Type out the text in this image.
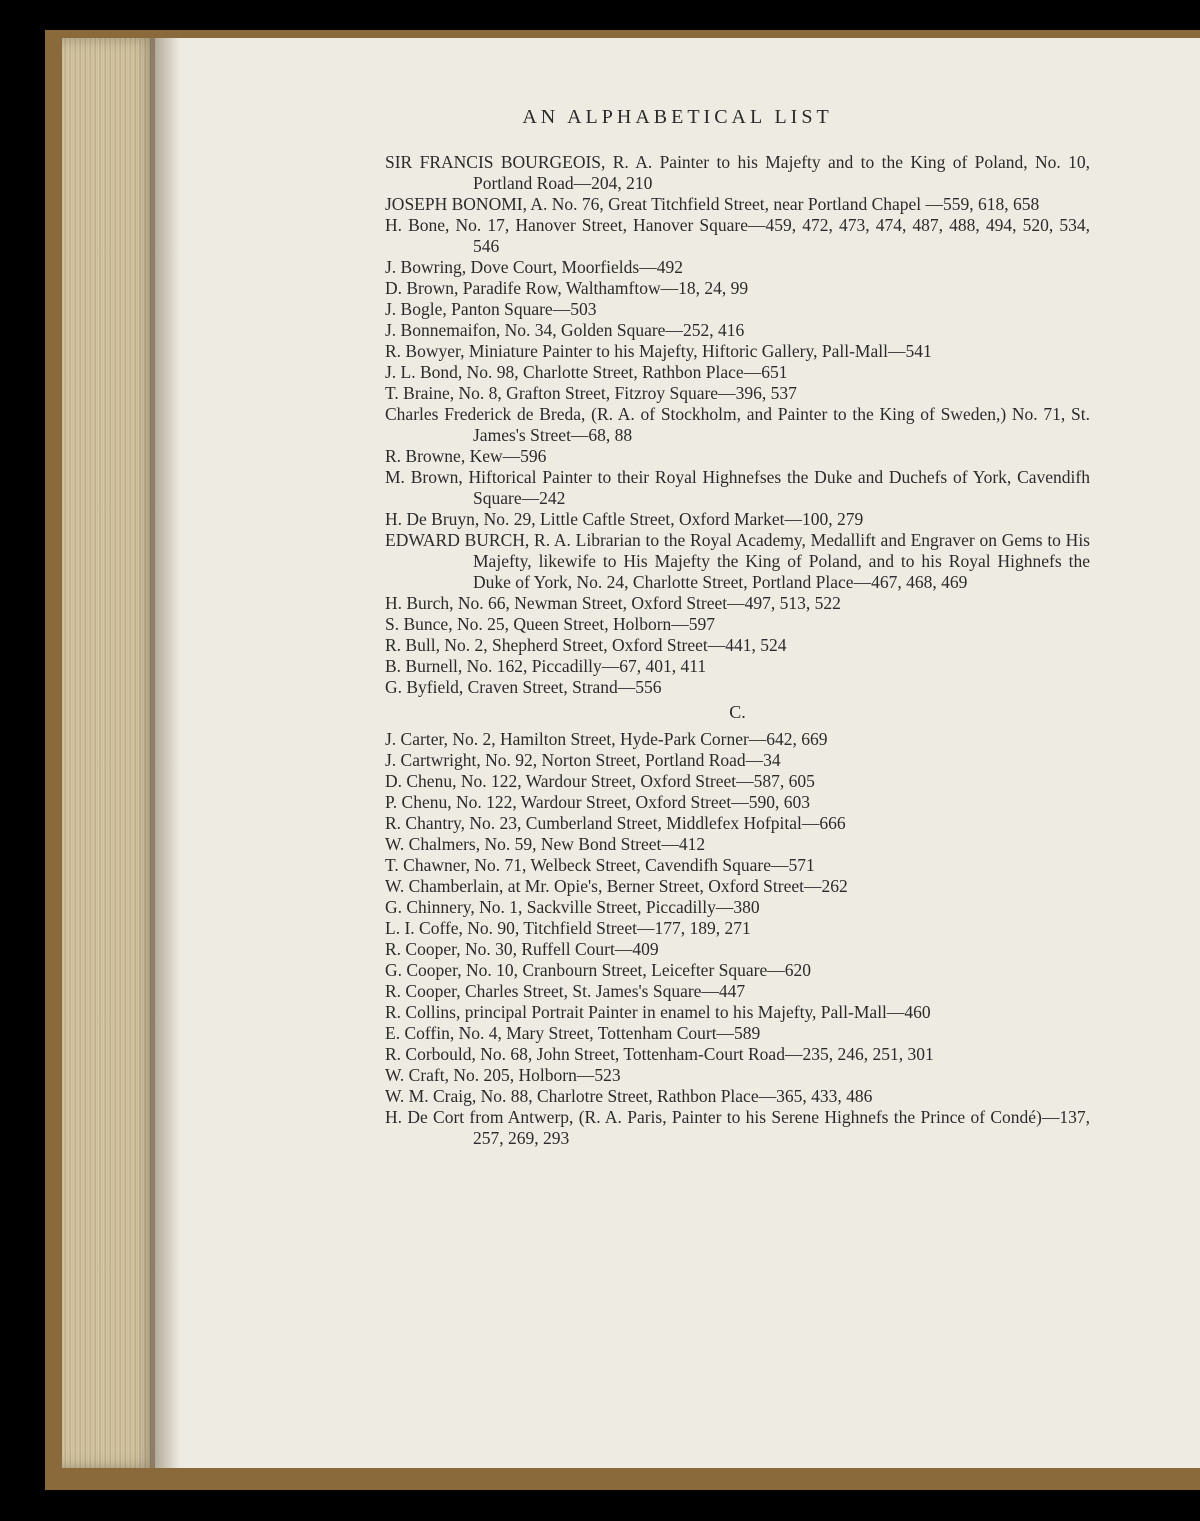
AN ALPHABETICAL LIST
SIR FRANCIS BOURGEOIS, R. A. Painter to his Majefty and to the King of Poland, No. 10, Portland Road—204, 210
JOSEPH BONOMI, A. No. 76, Great Titchfield Street, near Portland Chapel —559, 618, 658
H. Bone, No. 17, Hanover Street, Hanover Square—459, 472, 473, 474, 487, 488, 494, 520, 534, 546
J. Bowring, Dove Court, Moorfields—492
D. Brown, Paradife Row, Walthamftow—18, 24, 99
J. Bogle, Panton Square—503
J. Bonnemaifon, No. 34, Golden Square—252, 416
R. Bowyer, Miniature Painter to his Majefty, Hiftoric Gallery, Pall-Mall—541
J. L. Bond, No. 98, Charlotte Street, Rathbon Place—651
T. Braine, No. 8, Grafton Street, Fitzroy Square—396, 537
Charles Frederick de Breda, (R. A. of Stockholm, and Painter to the King of Sweden,) No. 71, St. James's Street—68, 88
R. Browne, Kew—596
M. Brown, Hiftorical Painter to their Royal Highnefses the Duke and Duchefs of York, Cavendifh Square—242
H. De Bruyn, No. 29, Little Caftle Street, Oxford Market—100, 279
EDWARD BURCH, R. A. Librarian to the Royal Academy, Medallift and Engraver on Gems to His Majefty, likewife to His Majefty the King of Poland, and to his Royal Highnefs the Duke of York, No. 24, Charlotte Street, Portland Place—467, 468, 469
H. Burch, No. 66, Newman Street, Oxford Street—497, 513, 522
S. Bunce, No. 25, Queen Street, Holborn—597
R. Bull, No. 2, Shepherd Street, Oxford Street—441, 524
B. Burnell, No. 162, Piccadilly—67, 401, 411
G. Byfield, Craven Street, Strand—556
C.
J. Carter, No. 2, Hamilton Street, Hyde-Park Corner—642, 669
J. Cartwright, No. 92, Norton Street, Portland Road—34
D. Chenu, No. 122, Wardour Street, Oxford Street—587, 605
P. Chenu, No. 122, Wardour Street, Oxford Street—590, 603
R. Chantry, No. 23, Cumberland Street, Middlefex Hofpital—666
W. Chalmers, No. 59, New Bond Street—412
T. Chawner, No. 71, Welbeck Street, Cavendifh Square—571
W. Chamberlain, at Mr. Opie's, Berner Street, Oxford Street—262
G. Chinnery, No. 1, Sackville Street, Piccadilly—380
L. I. Coffe, No. 90, Titchfield Street—177, 189, 271
R. Cooper, No. 30, Ruffell Court—409
G. Cooper, No. 10, Cranbourn Street, Leicefter Square—620
R. Cooper, Charles Street, St. James's Square—447
R. Collins, principal Portrait Painter in enamel to his Majefty, Pall-Mall—460
E. Coffin, No. 4, Mary Street, Tottenham Court—589
R. Corbould, No. 68, John Street, Tottenham-Court Road—235, 246, 251, 301
W. Craft, No. 205, Holborn—523
W. M. Craig, No. 88, Charlotre Street, Rathbon Place—365, 433, 486
H. De Cort from Antwerp, (R. A. Paris, Painter to his Serene Highnefs the Prince of Condé)—137, 257, 269, 293
